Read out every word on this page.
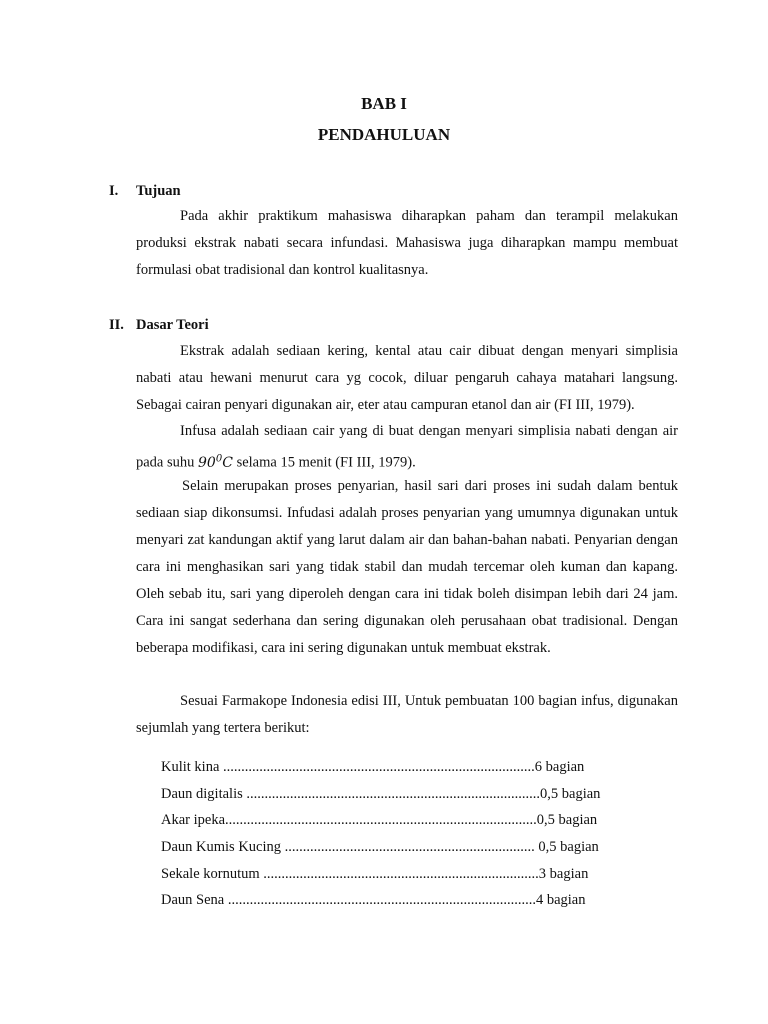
BAB I
PENDAHULUAN
I. Tujuan
Pada akhir praktikum mahasiswa diharapkan paham dan terampil melakukan produksi ekstrak nabati secara infundasi. Mahasiswa juga diharapkan mampu membuat formulasi obat tradisional dan kontrol kualitasnya.
II. Dasar Teori
Ekstrak adalah sediaan kering, kental atau cair dibuat dengan menyari simplisia nabati atau hewani menurut cara yg cocok, diluar pengaruh cahaya matahari langsung. Sebagai cairan penyari digunakan air, eter atau campuran etanol dan air (FI III, 1979).
Infusa adalah sediaan cair yang di buat dengan menyari simplisia nabati dengan air pada suhu $90^0C$ selama 15 menit (FI III, 1979).
Selain merupakan proses penyarian, hasil sari dari proses ini sudah dalam bentuk sediaan siap dikonsumsi. Infudasi adalah proses penyarian yang umumnya digunakan untuk menyari zat kandungan aktif yang larut dalam air dan bahan-bahan nabati. Penyarian dengan cara ini menghasikan sari yang tidak stabil dan mudah tercemar oleh kuman dan kapang. Oleh sebab itu, sari yang diperoleh dengan cara ini tidak boleh disimpan lebih dari 24 jam. Cara ini sangat sederhana dan sering digunakan oleh perusahaan obat tradisional. Dengan beberapa modifikasi, cara ini sering digunakan untuk membuat ekstrak.
Sesuai Farmakope Indonesia edisi III, Untuk pembuatan 100 bagian infus, digunakan sejumlah yang tertera berikut:
Kulit kina ......................................................................................6 bagian
Daun digitalis .................................................................................0,5 bagian
Akar ipeka......................................................................................0,5 bagian
Daun Kumis Kucing ..................................................................... 0,5 bagian
Sekale kornutum ............................................................................3 bagian
Daun Sena .....................................................................................4 bagian
